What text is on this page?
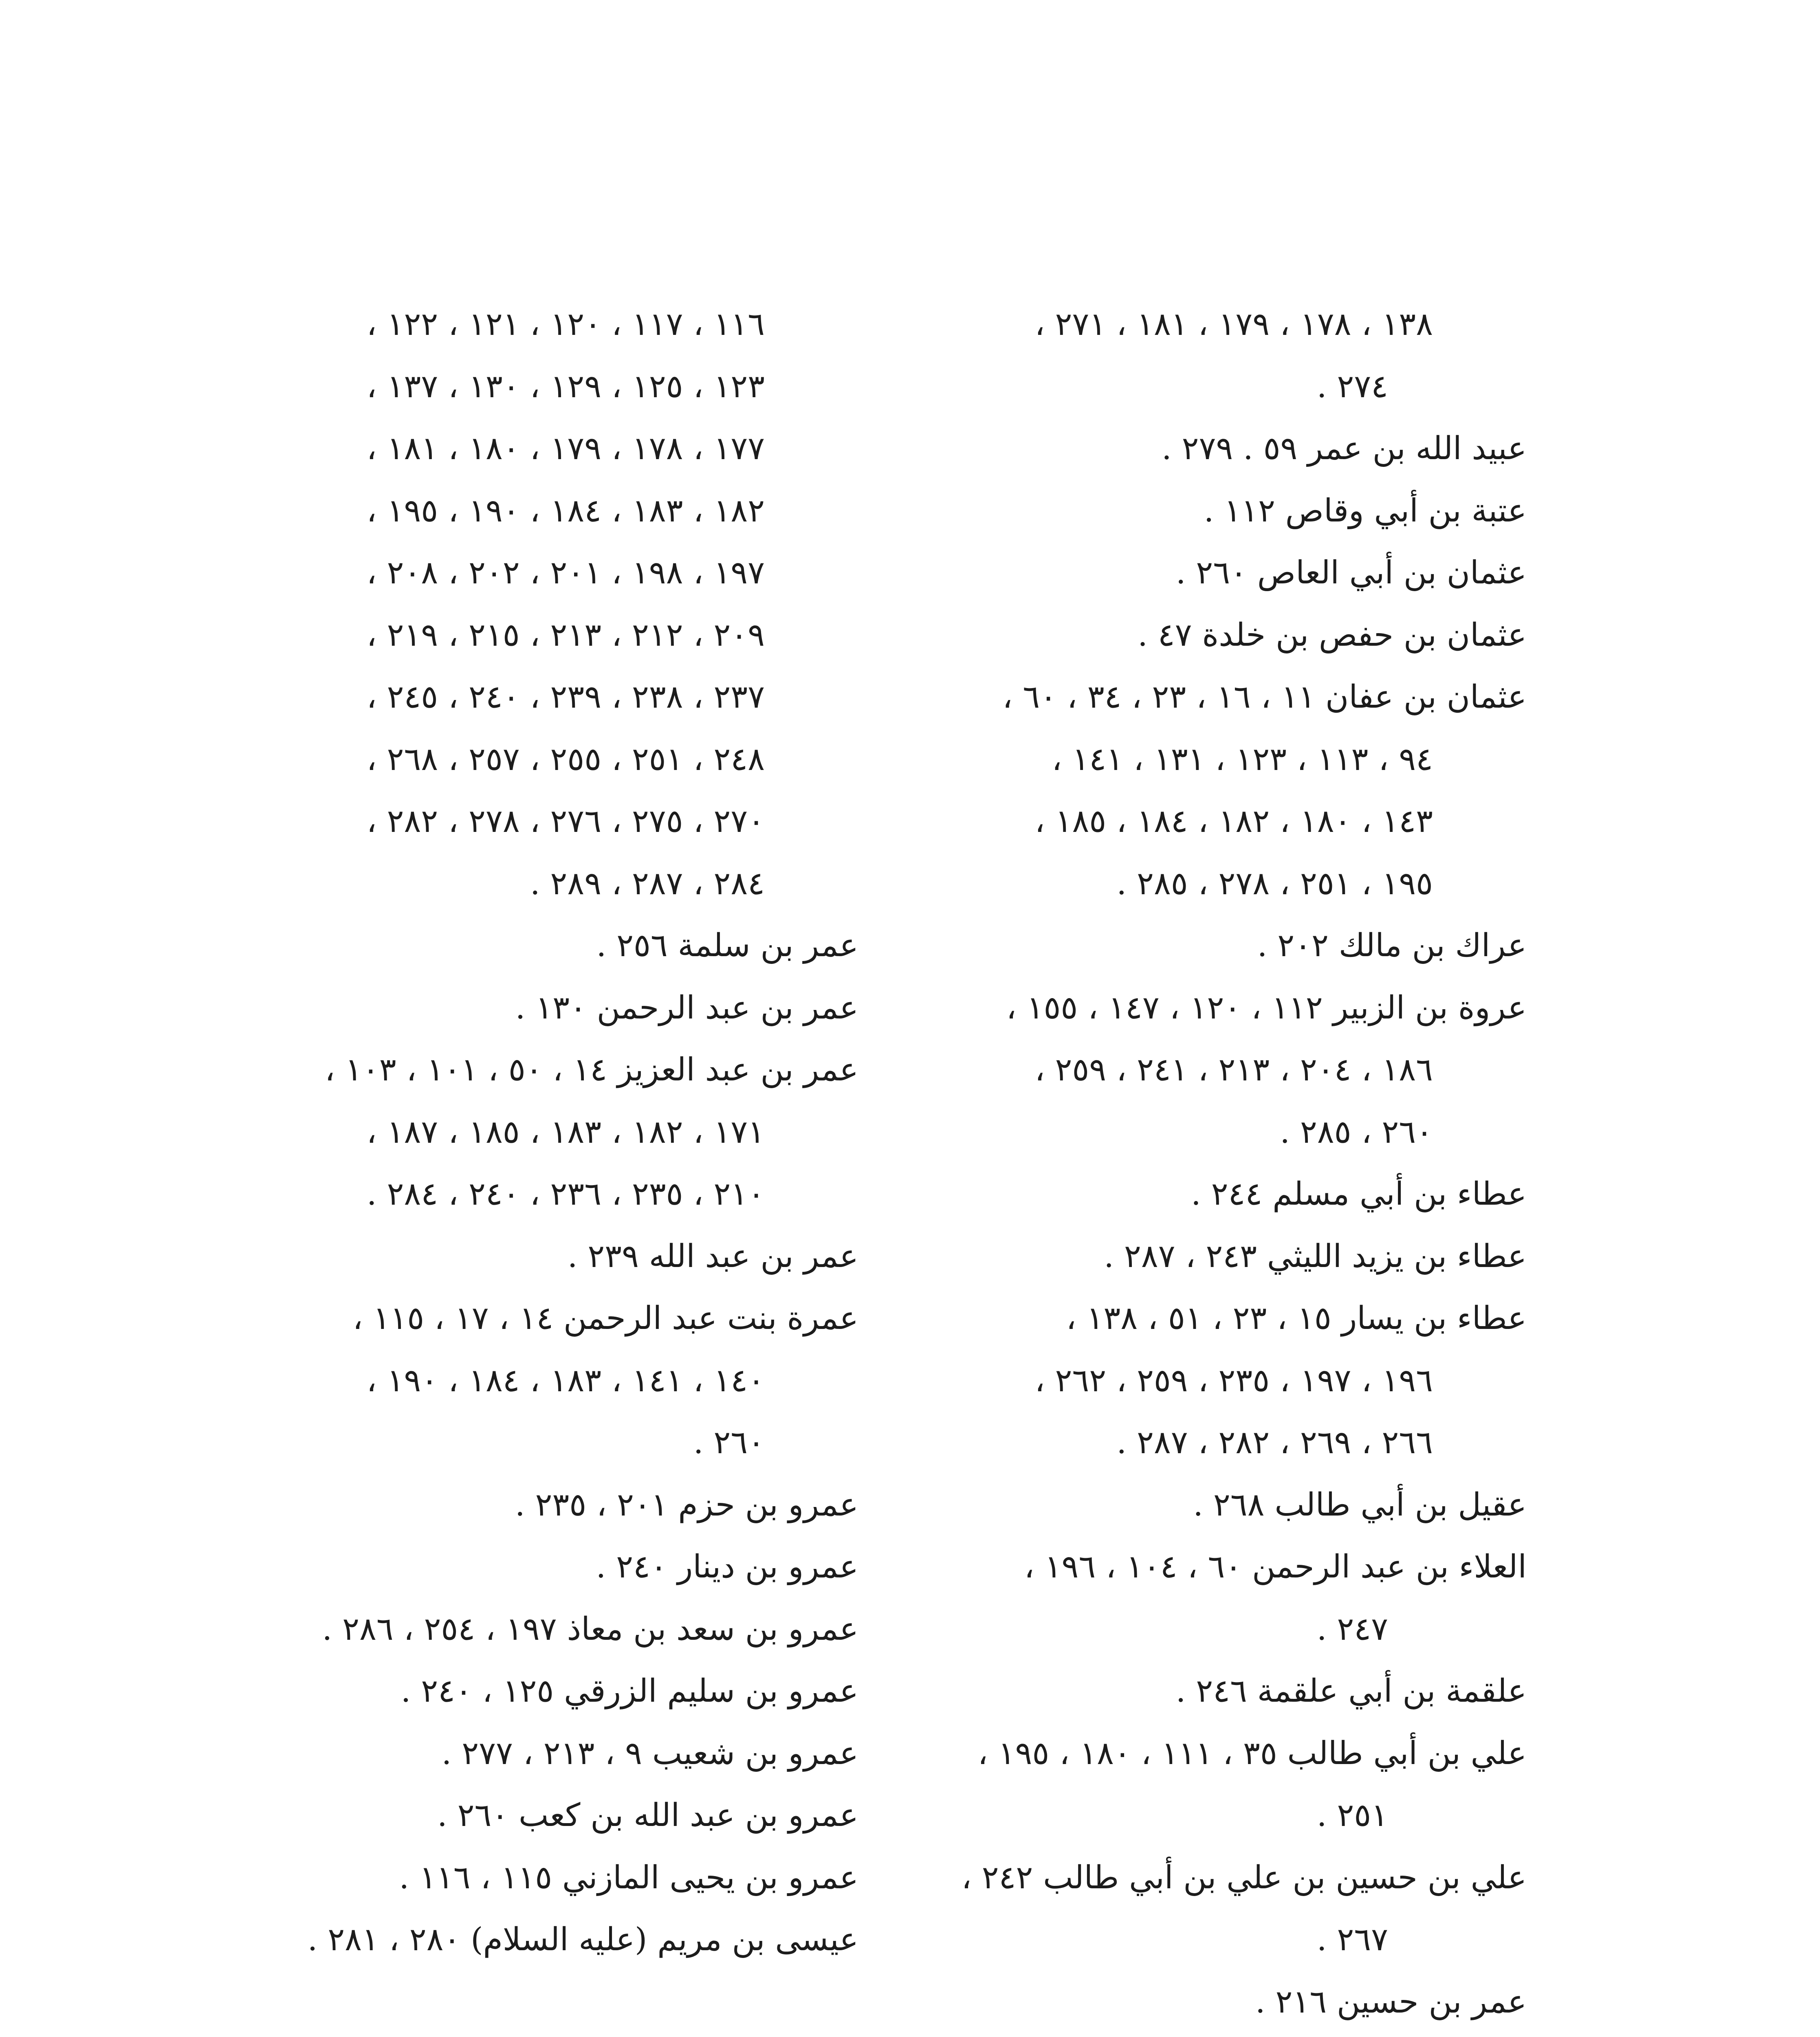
١٣٨ ، ١٧٨ ، ١٧٩ ، ١٨١ ، ٢٧١ ،
٢٧٤ .
عبيد الله بن عمر ٥٩ . ٢٧٩ .
عتبة بن أبي وقاص ١١٢ .
عثمان بن أبي العاص ٢٦٠ .
عثمان بن حفص بن خلدة ٤٧ .
عثمان بن عفان ١١ ، ١٦ ، ٢٣ ، ٣٤ ، ٦٠ ،
٩٤ ، ١١٣ ، ١٢٣ ، ١٣١ ، ١٤١ ،
١٤٣ ، ١٨٠ ، ١٨٢ ، ١٨٤ ، ١٨٥ ،
١٩٥ ، ٢٥١ ، ٢٧٨ ، ٢٨٥ .
عراك بن مالك ٢٠٢ .
عروة بن الزبير ١١٢ ، ١٢٠ ، ١٤٧ ، ١٥٥ ،
١٨٦ ، ٢٠٤ ، ٢١٣ ، ٢٤١ ، ٢٥٩ ،
٢٦٠ ، ٢٨٥ .
عطاء بن أبي مسلم ٢٤٤ .
عطاء بن يزيد الليثي ٢٤٣ ، ٢٨٧ .
عطاء بن يسار ١٥ ، ٢٣ ، ٥١ ، ١٣٨ ،
١٩٦ ، ١٩٧ ، ٢٣٥ ، ٢٥٩ ، ٢٦٢ ،
٢٦٦ ، ٢٦٩ ، ٢٨٢ ، ٢٨٧ .
عقيل بن أبي طالب ٢٦٨ .
العلاء بن عبد الرحمن ٦٠ ، ١٠٤ ، ١٩٦ ،
٢٤٧ .
علقمة بن أبي علقمة ٢٤٦ .
علي بن أبي طالب ٣٥ ، ١١١ ، ١٨٠ ، ١٩٥ ،
٢٥١ .
علي بن حسين بن علي بن أبي طالب ٢٤٢ ،
٢٦٧ .
عمر بن حسين ٢١٦ .
١١٦ ، ١١٧ ، ١٢٠ ، ١٢١ ، ١٢٢ ،
١٢٣ ، ١٢٥ ، ١٢٩ ، ١٣٠ ، ١٣٧ ،
١٧٧ ، ١٧٨ ، ١٧٩ ، ١٨٠ ، ١٨١ ،
١٨٢ ، ١٨٣ ، ١٨٤ ، ١٩٠ ، ١٩٥ ،
١٩٧ ، ١٩٨ ، ٢٠١ ، ٢٠٢ ، ٢٠٨ ،
٢٠٩ ، ٢١٢ ، ٢١٣ ، ٢١٥ ، ٢١٩ ،
٢٣٧ ، ٢٣٨ ، ٢٣٩ ، ٢٤٠ ، ٢٤٥ ،
٢٤٨ ، ٢٥١ ، ٢٥٥ ، ٢٥٧ ، ٢٦٨ ،
٢٧٠ ، ٢٧٥ ، ٢٧٦ ، ٢٧٨ ، ٢٨٢ ،
٢٨٤ ، ٢٨٧ ، ٢٨٩ .
عمر بن سلمة ٢٥٦ .
عمر بن عبد الرحمن ١٣٠ .
عمر بن عبد العزيز ١٤ ، ٥٠ ، ١٠١ ، ١٠٣ ،
١٧١ ، ١٨٢ ، ١٨٣ ، ١٨٥ ، ١٨٧ ،
٢١٠ ، ٢٣٥ ، ٢٣٦ ، ٢٤٠ ، ٢٨٤ .
عمر بن عبد الله ٢٣٩ .
عمرة بنت عبد الرحمن ١٤ ، ١٧ ، ١١٥ ،
١٤٠ ، ١٤١ ، ١٨٣ ، ١٨٤ ، ١٩٠ ،
٢٦٠ .
عمرو بن حزم ٢٠١ ، ٢٣٥ .
عمرو بن دينار ٢٤٠ .
عمرو بن سعد بن معاذ ١٩٧ ، ٢٥٤ ، ٢٨٦ .
عمرو بن سليم الزرقي ١٢٥ ، ٢٤٠ .
عمرو بن شعيب ٩ ، ٢١٣ ، ٢٧٧ .
عمرو بن عبد الله بن كعب ٢٦٠ .
عمرو بن يحيى المازني ١١٥ ، ١١٦ .
عيسى بن مريم (عليه السلام) ٢٨٠ ، ٢٨١ .
